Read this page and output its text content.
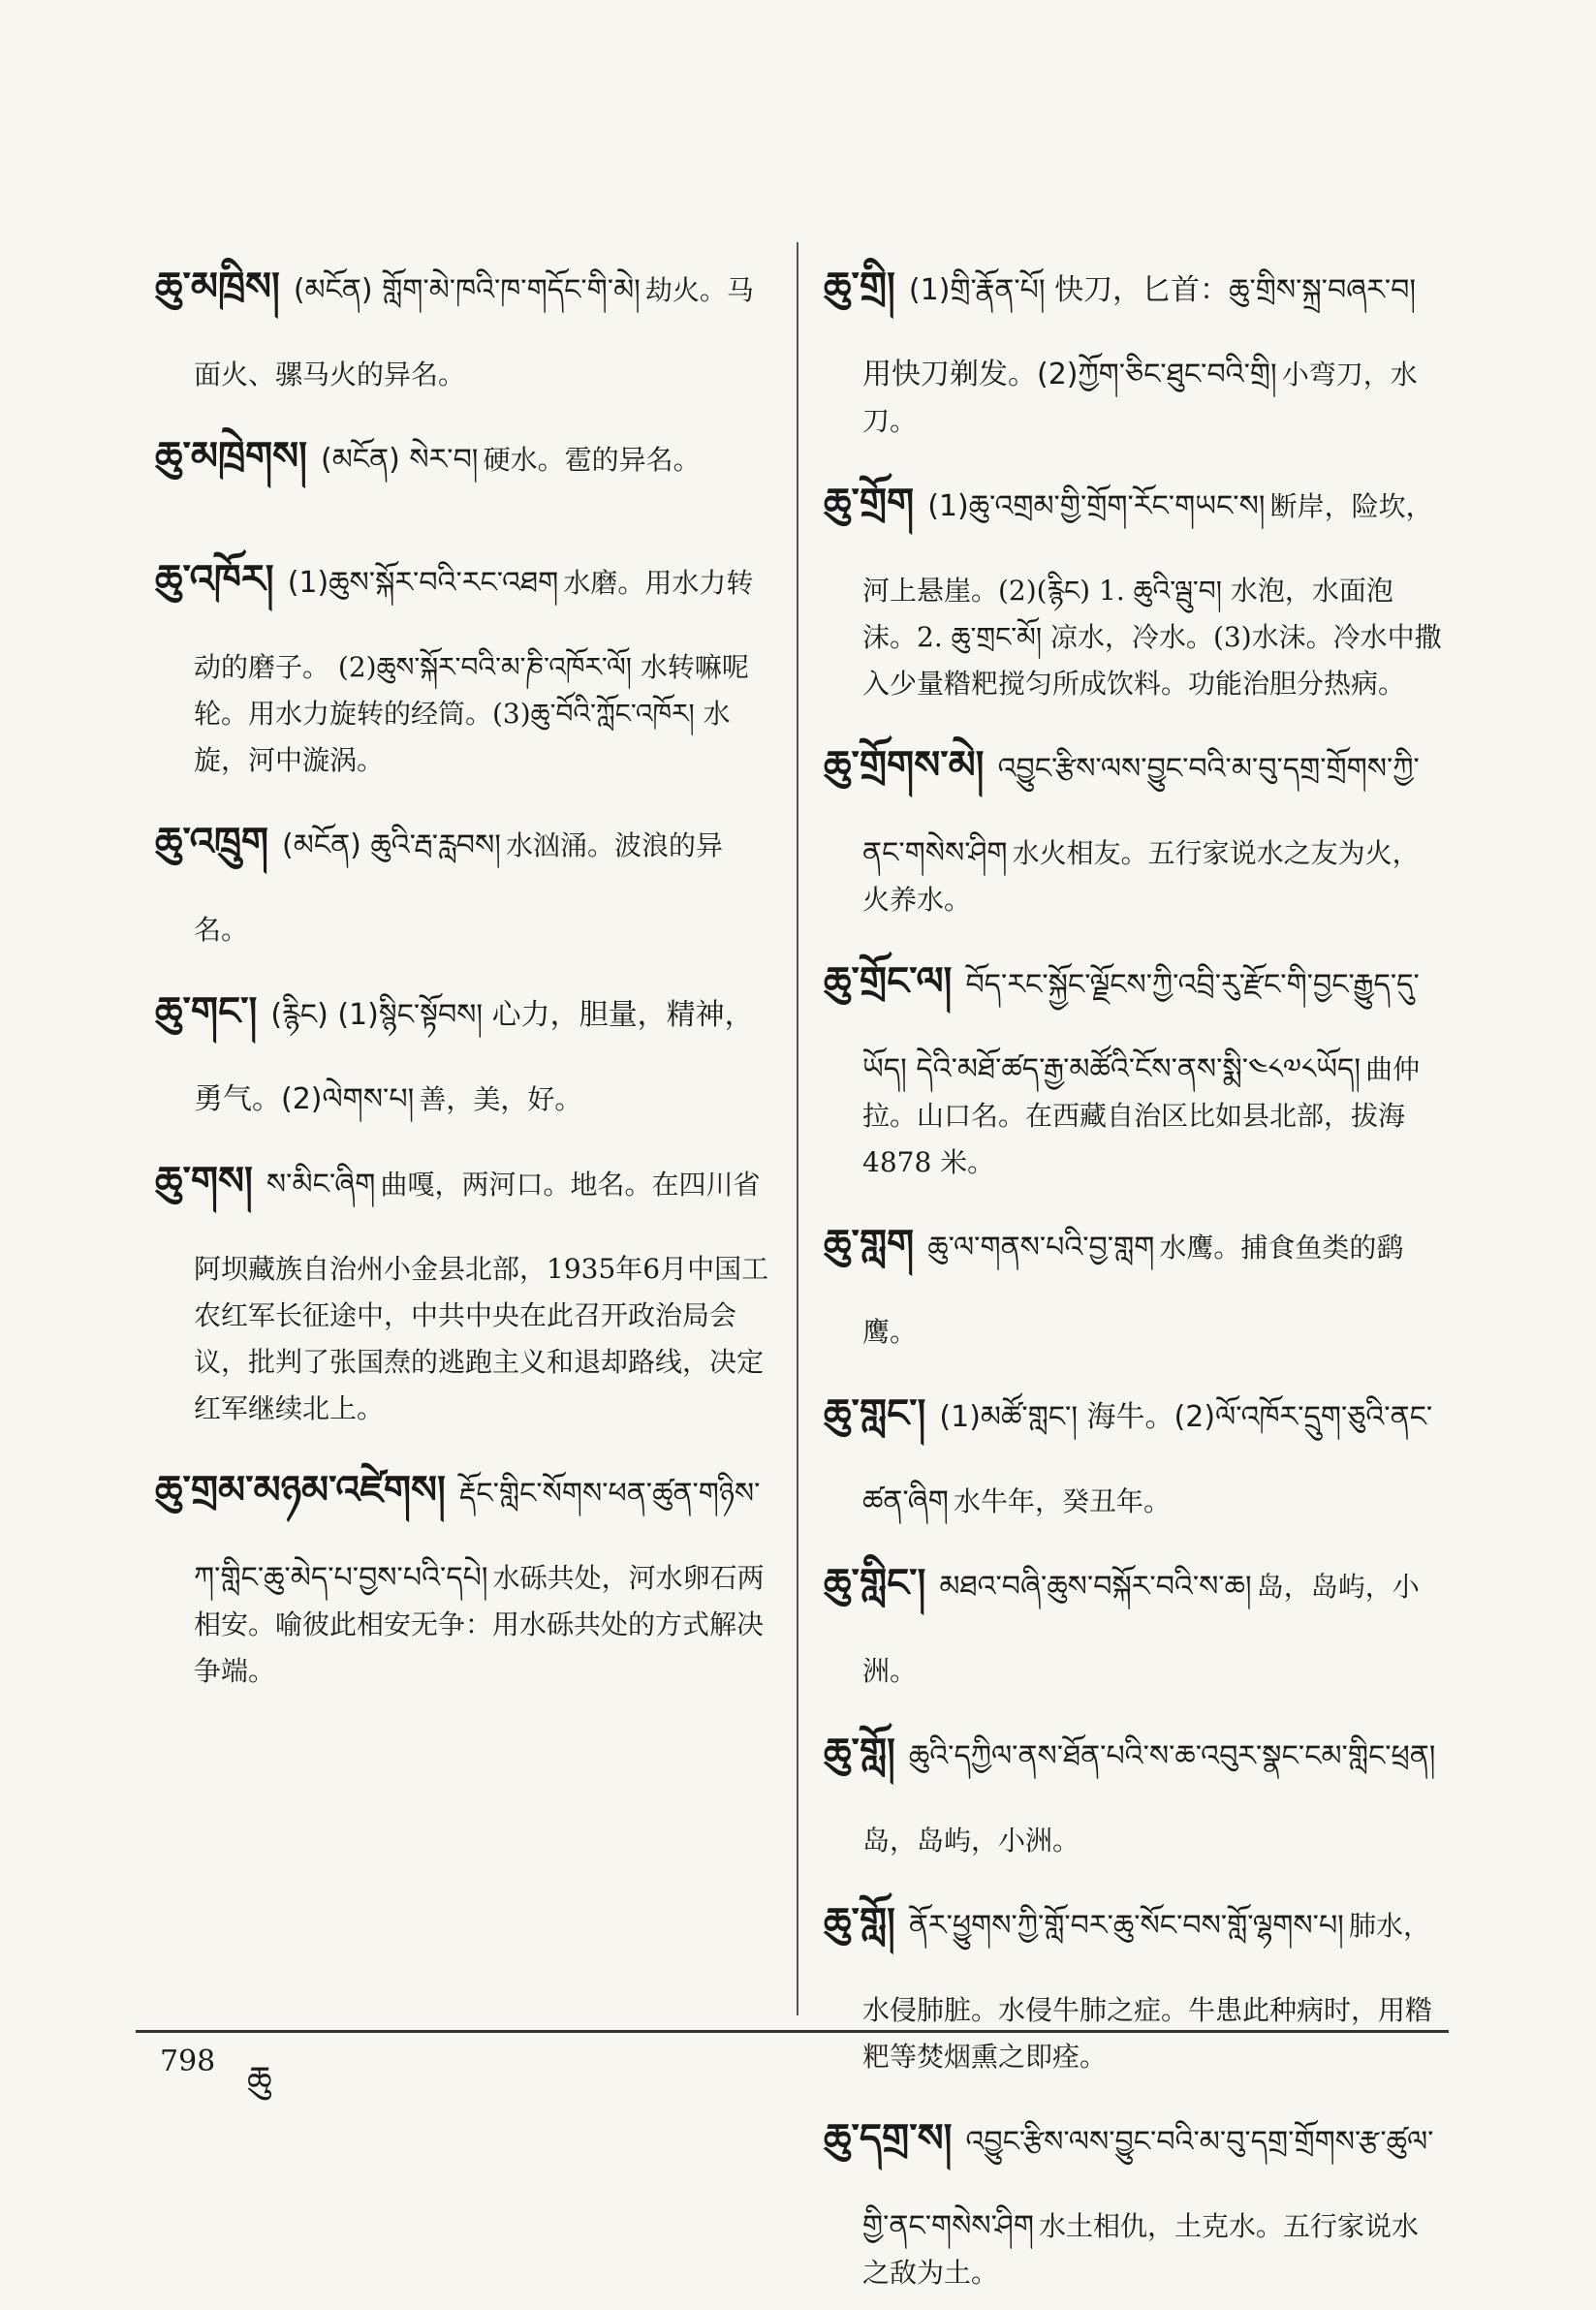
ཆུ་མཁྲིས། (མངོན) གློག་མེ་ཁའི་ཁ་གདོང་གི་མེ། 劫火。马面火、骡马火的异名。

ཆུ་མཁྲེགས། (མངོན) སེར་བ། 硬水。雹的异名。

ཆུ་འཁོར། (1)ཆུས་སྐོར་བའི་རང་འཐག 水磨。用水力转动的磨子。 (2)ཆུས་སྐོར་བའི་མ་ཎི་འཁོར་ལོ། 水转嘛呢轮。用水力旋转的经筒。(3)ཆུ་བོའི་ཀློང་འཁོར། 水旋，河中漩涡。

ཆུ་འཁྲུག (མངོན) ཆུའི་རྦ་རླབས། 水汹涌。波浪的异名。

ཆུ་གང་། (རྙིང) (1)སྙིང་སྟོབས། 心力，胆量，精神，勇气。(2)ལེགས་པ། 善，美，好。

ཆུ་གས། ས་མིང་ཞིག 曲嘎，两河口。地名。在四川省阿坝藏族自治州小金县北部，1935年6月中国工农红军长征途中，中共中央在此召开政治局会议，批判了张国焘的逃跑主义和退却路线，决定红军继续北上。

ཆུ་གྲམ་མཉམ་འཛེགས། རྡོང་གླིང་སོགས་ཕན་ཚུན་གཉིས་ཀ་གླིང་ཆུ་མེད་པ་བྱས་པའི་དཔེ། 水砾共处，河水卵石两相安。喻彼此相安无争：用水砾共处的方式解决争端。

ཆུ་གྲི། (1)གྲི་རྣོན་པོ། 快刀，匕首：ཆུ་གྲིས་སྐྲ་བཞར་བ། 用快刀剃发。(2)ཀྱོག་ཅིང་ཐུང་བའི་གྲི། 小弯刀，水刀。

ཆུ་གྲོག (1)ཆུ་འགྲམ་གྱི་གྲོག་རོང་གཡང་ས། 断岸，险坎，河上悬崖。(2)(རྙིང) 1. ཆུའི་ལྦུ་བ། 水泡，水面泡沫。2. ཆུ་གྲང་མོ། 凉水，冷水。(3)水沫。冷水中撒入少量糌粑搅匀所成饮料。功能治胆分热病。

ཆུ་གྲོགས་མེ། འབྱུང་རྩིས་ལས་བྱུང་བའི་མ་བུ་དགྲ་གྲོགས་ཀྱི་ནང་གསེས་ཤིག 水火相友。五行家说水之友为火，火养水。

ཆུ་གྲོང་ལ། བོད་རང་སྐྱོང་ལྗོངས་ཀྱི་འབྲི་རུ་རྫོང་གི་བྱང་རྒྱུད་དུ་ཡོད། དེའི་མཐོ་ཚད་རྒྱ་མཚོའི་ངོས་ནས་སྨི་༤༨༧༨ཡོད། 曲仲拉。山口名。在西藏自治区比如县北部，拔海 4878 米。

ཆུ་གླག ཆུ་ལ་གནས་པའི་བྱ་གླག 水鹰。捕食鱼类的鹞鹰。

ཆུ་གླང་། (1)མཚོ་གླང་། 海牛。(2)ལོ་འཁོར་དྲུག་ཅུའི་ནང་ཚན་ཞིག 水牛年，癸丑年。

ཆུ་གླིང་། མཐའ་བཞི་ཆུས་བསྐོར་བའི་ས་ཆ། 岛，岛屿，小洲。

ཆུ་གློ། ཆུའི་དཀྱིལ་ནས་ཐོན་པའི་ས་ཆ་འབུར་སྣང་ངམ་གླིང་ཕྲན། 岛，岛屿，小洲。

ཆུ་གློ། ནོར་ཕྱུགས་ཀྱི་གློ་བར་ཆུ་སོང་བས་གློ་ལྷགས་པ། 肺水，水侵肺脏。水侵牛肺之症。牛患此种病时，用糌粑等焚烟熏之即痊。

ཆུ་དགྲ་ས། འབྱུང་རྩིས་ལས་བྱུང་བའི་མ་བུ་དགྲ་གྲོགས་རྩ་ཚུལ་གྱི་ནང་གསེས་ཤིག 水土相仇，土克水。五行家说水之敌为土。

798 ཆུ
